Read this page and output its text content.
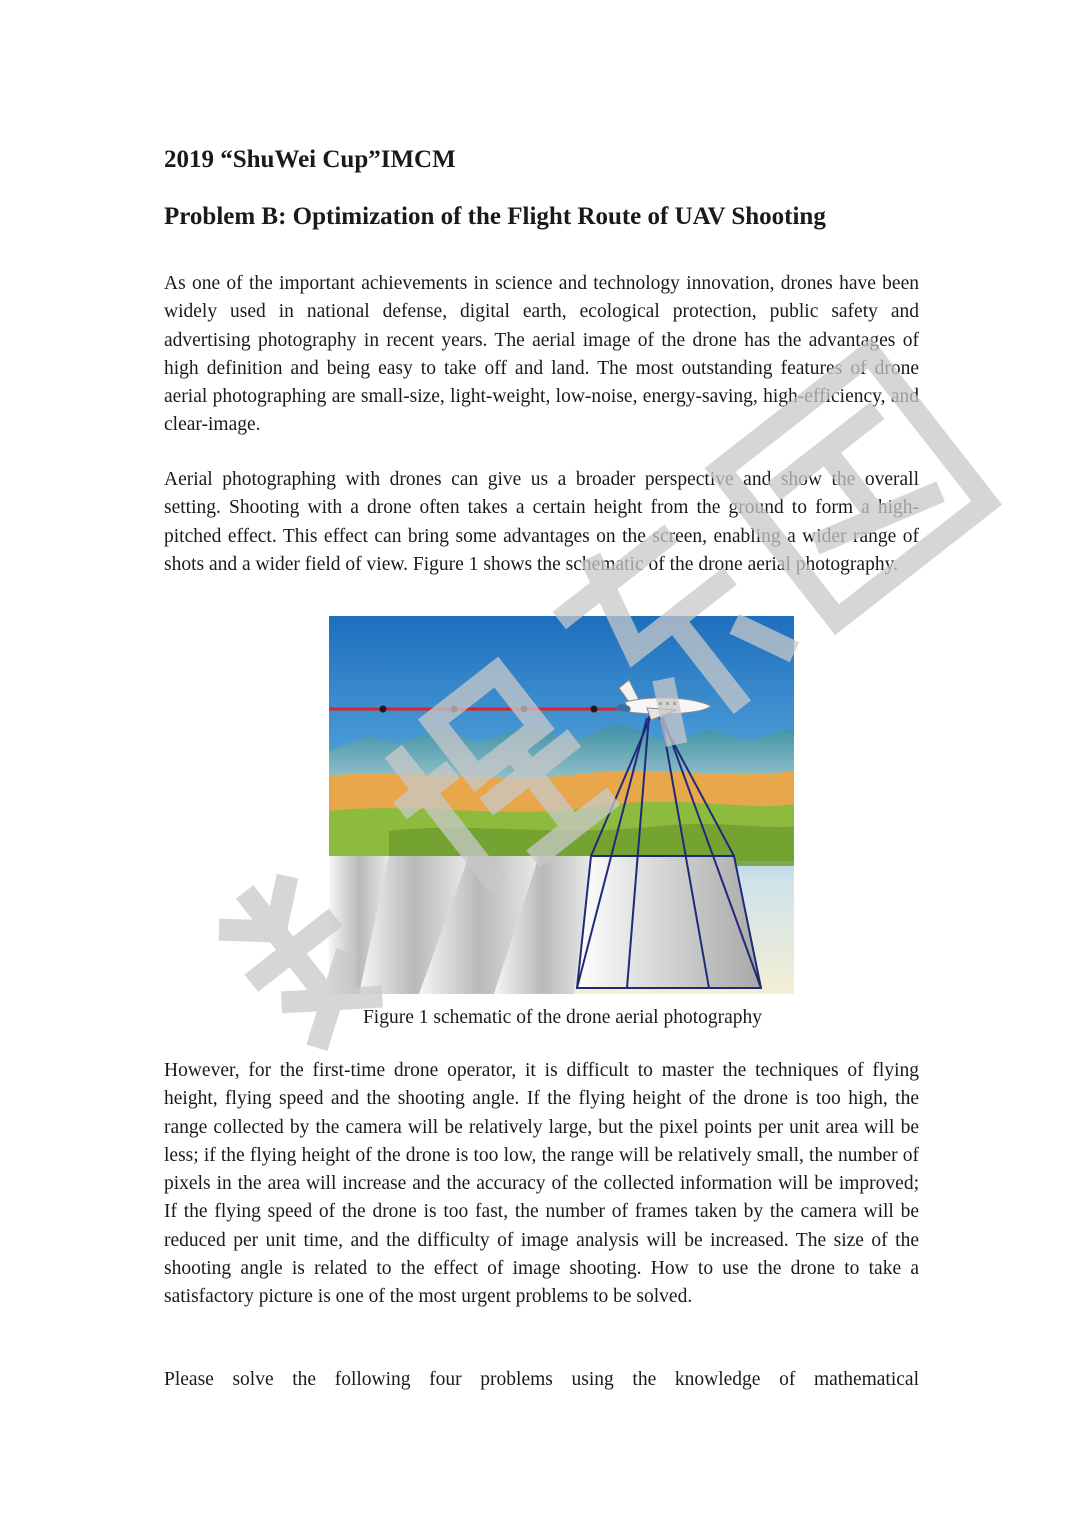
2019 “ShuWei Cup”IMCM
Problem B: Optimization of the Flight Route of UAV Shooting

As one of the important achievements in science and technology innovation, drones have been widely used in national defense, digital earth, ecological protection, public safety and advertising photography in recent years. The aerial image of the drone has the advantages of high definition and being easy to take off and land. The most outstanding features of drone aerial photographing are small-size, light-weight, low-noise, energy-saving, high-efficiency, and clear-image.

Aerial photographing with drones can give us a broader perspective and show the overall setting. Shooting with a drone often takes a certain height from the ground to form a high-pitched effect. This effect can bring some advantages on the screen, enabling a wider range of shots and a wider field of view. Figure 1 shows the schematic of the drone aerial photography.

Figure 1 schematic of the drone aerial photography

However, for the first-time drone operator, it is difficult to master the techniques of flying height, flying speed and the shooting angle. If the flying height of the drone is too high, the range collected by the camera will be relatively large, but the pixel points per unit area will be less; if the flying height of the drone is too low, the range will be relatively small, the number of pixels in the area will increase and the accuracy of the collected information will be improved; If the flying speed of the drone is too fast, the number of frames taken by the camera will be reduced per unit time, and the difficulty of image analysis will be increased. The size of the shooting angle is related to the effect of image shooting. How to use the drone to take a satisfactory picture is one of the most urgent problems to be solved.

Please solve the following four problems using the knowledge of mathematical
